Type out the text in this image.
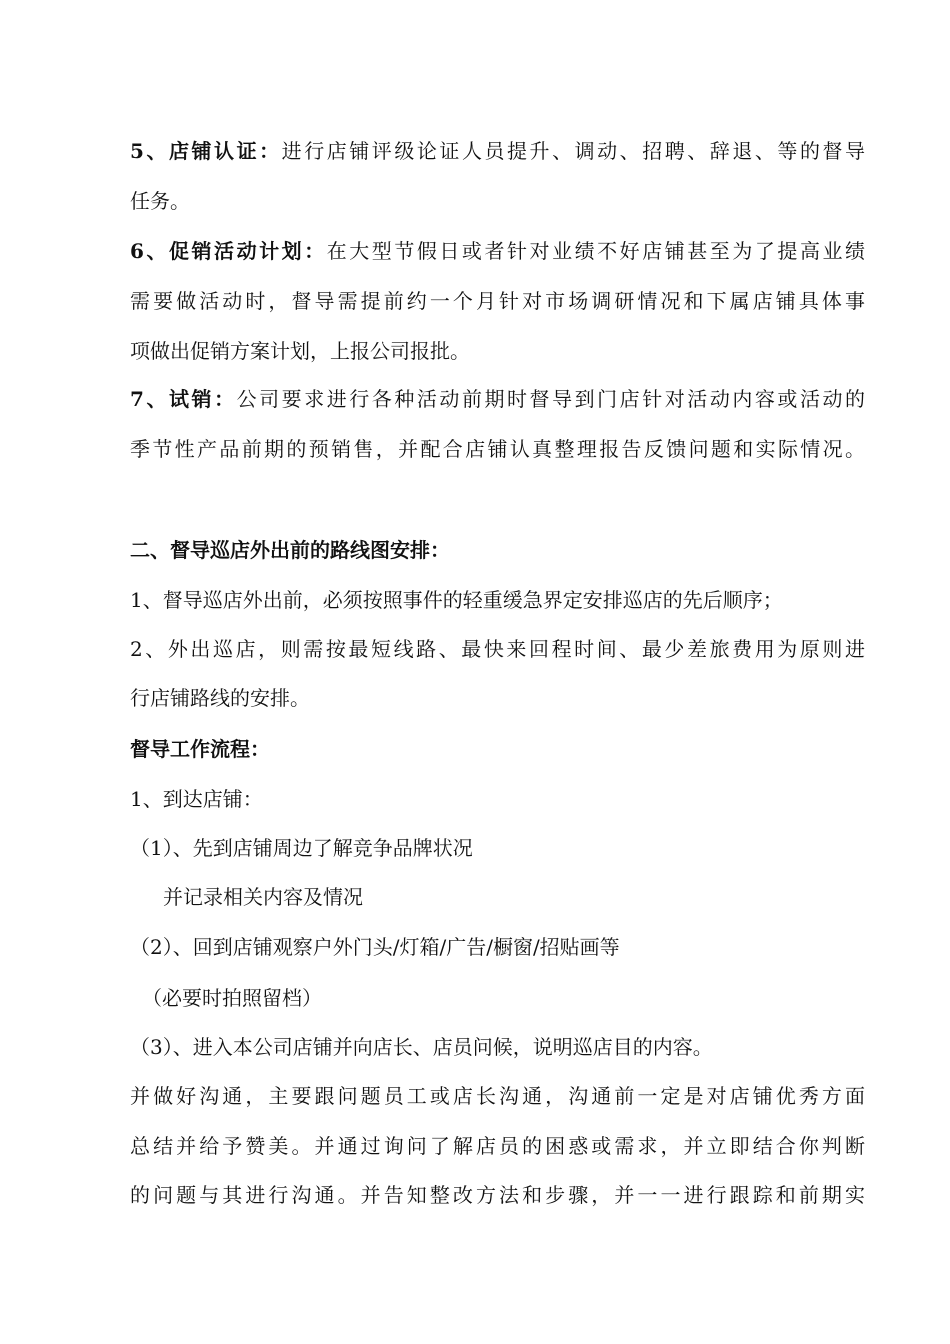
5、店铺认证：进行店铺评级论证人员提升、调动、招聘、辞退、等的督导
任务。
6、促销活动计划：在大型节假日或者针对业绩不好店铺甚至为了提高业绩
需要做活动时，督导需提前约一个月针对市场调研情况和下属店铺具体事
项做出促销方案计划，上报公司报批。
7、试销：公司要求进行各种活动前期时督导到门店针对活动内容或活动的
季节性产品前期的预销售，并配合店铺认真整理报告反馈问题和实际情况。
二、督导巡店外出前的路线图安排：
1、督导巡店外出前，必须按照事件的轻重缓急界定安排巡店的先后顺序；
2、外出巡店，则需按最短线路、最快来回程时间、最少差旅费用为原则进
行店铺路线的安排。
督导工作流程：
1、到达店铺：
（1）、先到店铺周边了解竞争品牌状况
并记录相关内容及情况
（2）、回到店铺观察户外门头/灯箱/广告/橱窗/招贴画等
（必要时拍照留档）
（3）、进入本公司店铺并向店长、店员问候，说明巡店目的内容。
并做好沟通，主要跟问题员工或店长沟通，沟通前一定是对店铺优秀方面
总结并给予赞美。并通过询问了解店员的困惑或需求，并立即结合你判断
的问题与其进行沟通。并告知整改方法和步骤，并一一进行跟踪和前期实
